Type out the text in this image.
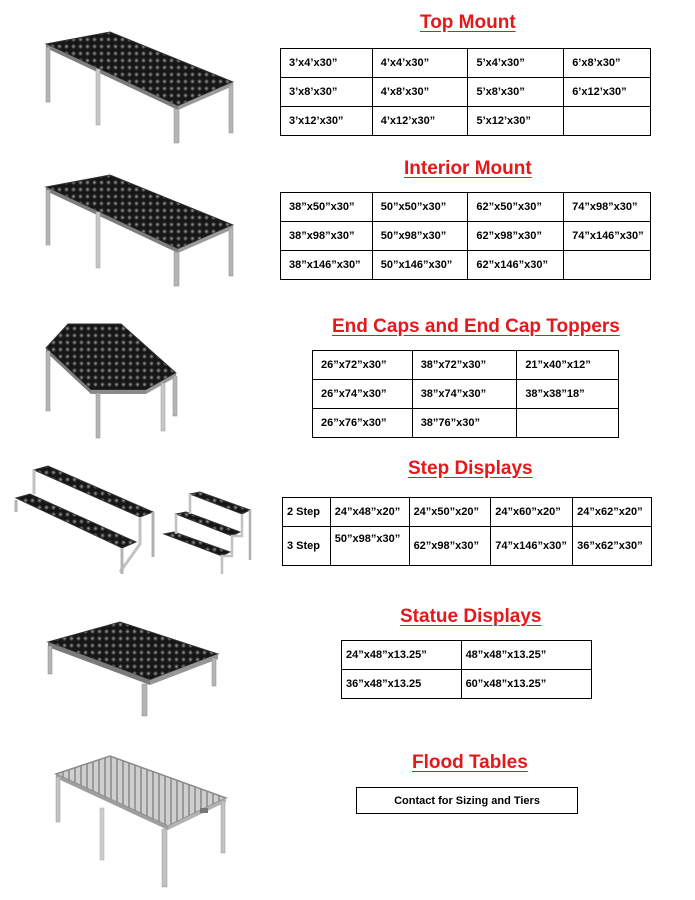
Top Mount
3’x4’x30”	4’x4’x30”	5’x4’x30”	6’x8’x30”
3’x8’x30”	4’x8’x30”	5’x8’x30”	6’x12’x30”
3’x12’x30”	4’x12’x30”	5’x12’x30”	
Interior Mount
38”x50”x30”	50”x50”x30”	62”x50”x30”	74”x98”x30”
38”x98”x30”	50”x98”x30”	62”x98”x30”	74”x146”x30”
38”x146”x30”	50”x146”x30”	62”x146”x30”	
End Caps and End Cap Toppers
26”x72”x30”	38”x72”x30”	21”x40”x12”
26”x74”x30”	38”x74”x30”	38”x38”18”
26”x76”x30”	38”76”x30”	
Step Displays
2 Step	24”x48”x20”	24”x50”x20”	24”x60”x20”	24”x62”x20”
3 Step	50”x98”x30”	62”x98”x30”	74”x146”x30”	36”x62”x30”
Statue Displays
24”x48”x13.25”	48”x48”x13.25”
36”x48”x13.25	60”x48”x13.25”
Flood Tables
Contact for Sizing and Tiers
